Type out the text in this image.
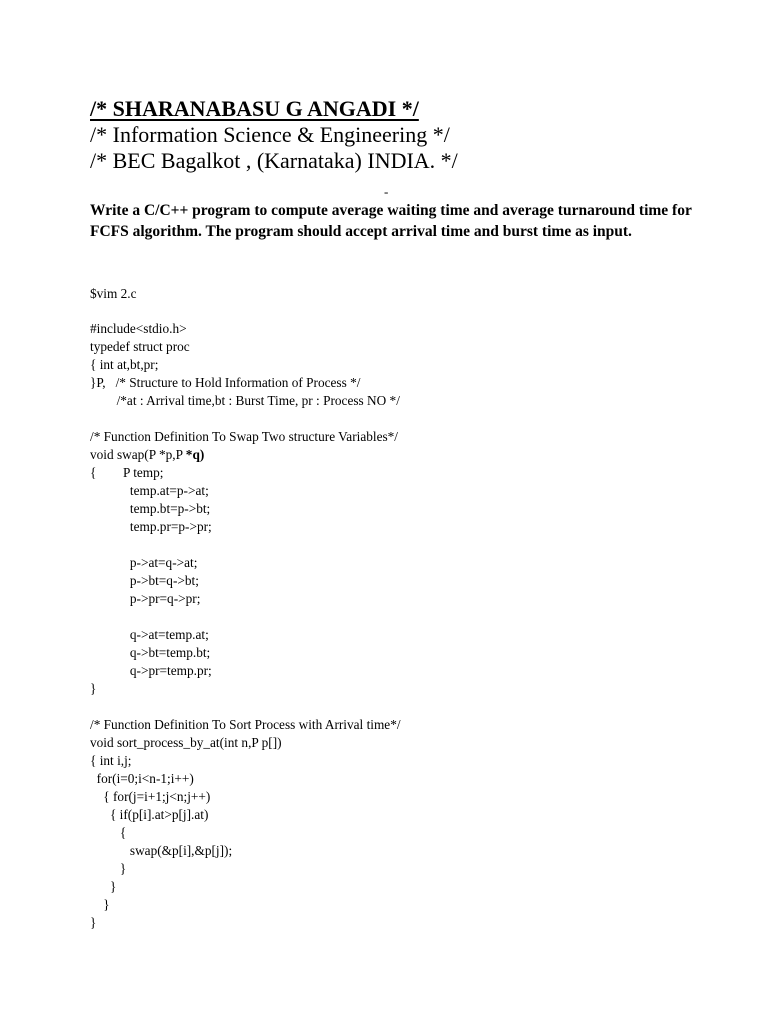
/* SHARANABASU G ANGADI */
/* Information Science & Engineering */
/* BEC Bagalkot , (Karnataka) INDIA. */
-
Write a C/C++ program to compute average waiting time and average turnaround time for FCFS algorithm. The program should accept arrival time and burst time as input.
$vim 2.c
#include<stdio.h>
typedef struct proc
{ int at,bt,pr;
}P,   /* Structure to Hold Information of Process */
/*at : Arrival time,bt : Burst Time, pr : Process NO */
/* Function Definition To Swap Two structure Variables*/
void swap(P *p,P *q)
{        P temp;
temp.at=p->at;
temp.bt=p->bt;
temp.pr=p->pr;
p->at=q->at;
p->bt=q->bt;
p->pr=q->pr;
q->at=temp.at;
q->bt=temp.bt;
q->pr=temp.pr;
}
/* Function Definition To Sort Process with Arrival time*/
void sort_process_by_at(int n,P p[])
{ int i,j;
for(i=0;i<n-1;i++)
{ for(j=i+1;j<n;j++)
{ if(p[i].at>p[j].at)
{
swap(&p[i],&p[j]);
}
}
}
}
